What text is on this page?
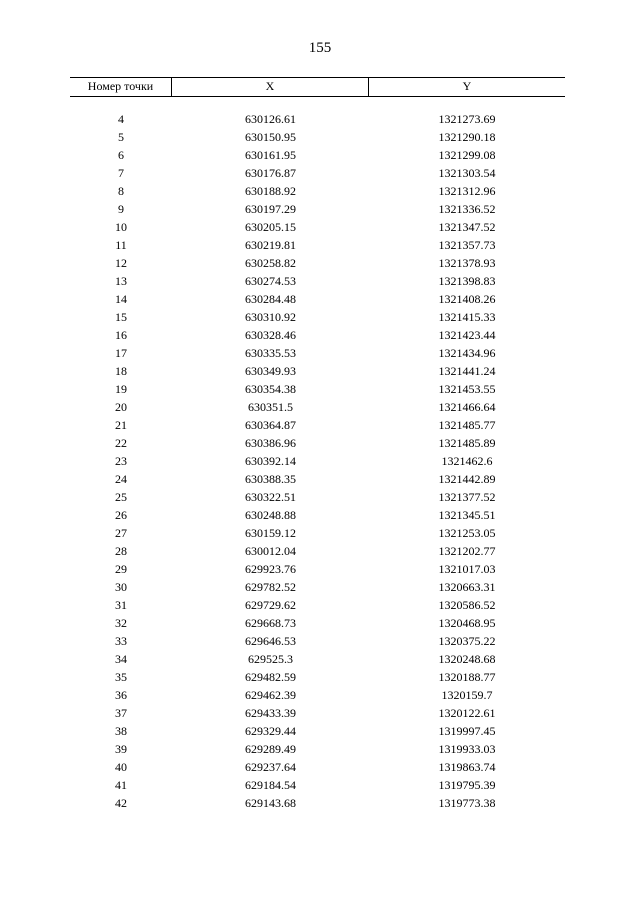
155
Номер точки	X	Y
4	630126.61	1321273.69
5	630150.95	1321290.18
6	630161.95	1321299.08
7	630176.87	1321303.54
8	630188.92	1321312.96
9	630197.29	1321336.52
10	630205.15	1321347.52
11	630219.81	1321357.73
12	630258.82	1321378.93
13	630274.53	1321398.83
14	630284.48	1321408.26
15	630310.92	1321415.33
16	630328.46	1321423.44
17	630335.53	1321434.96
18	630349.93	1321441.24
19	630354.38	1321453.55
20	630351.5	1321466.64
21	630364.87	1321485.77
22	630386.96	1321485.89
23	630392.14	1321462.6
24	630388.35	1321442.89
25	630322.51	1321377.52
26	630248.88	1321345.51
27	630159.12	1321253.05
28	630012.04	1321202.77
29	629923.76	1321017.03
30	629782.52	1320663.31
31	629729.62	1320586.52
32	629668.73	1320468.95
33	629646.53	1320375.22
34	629525.3	1320248.68
35	629482.59	1320188.77
36	629462.39	1320159.7
37	629433.39	1320122.61
38	629329.44	1319997.45
39	629289.49	1319933.03
40	629237.64	1319863.74
41	629184.54	1319795.39
42	629143.68	1319773.38
